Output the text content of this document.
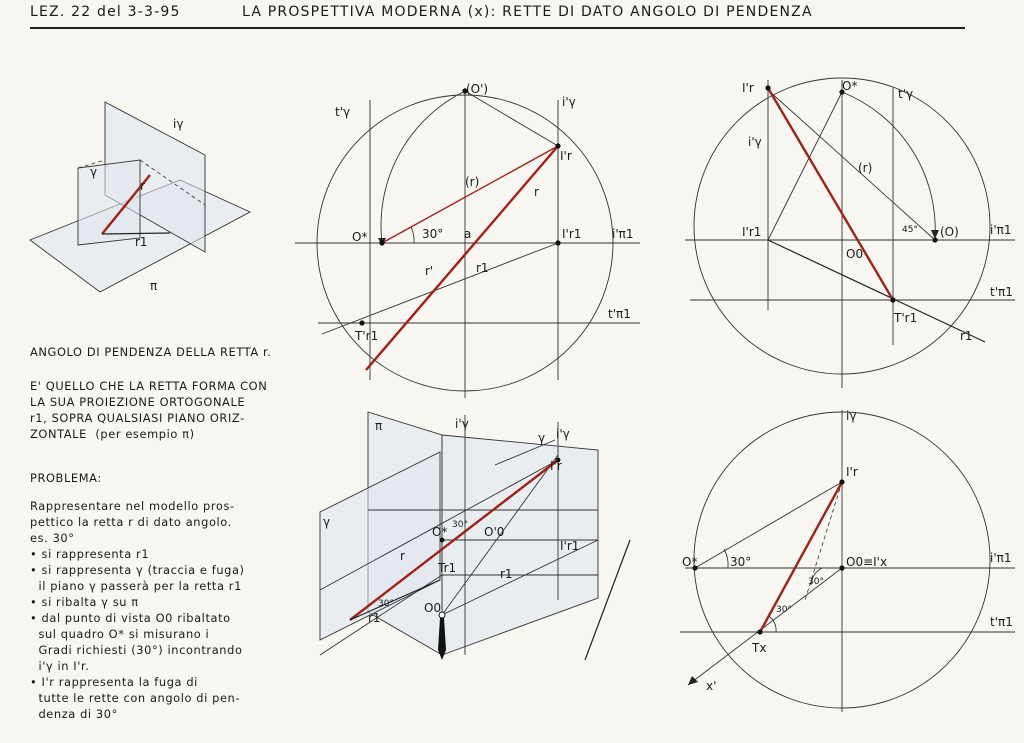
LEZ. 22 del 3-3-95	LA PROSPETTIVA MODERNA (x): RETTE DI DATO ANGOLO DI PENDENZA
ANGOLO DI PENDENZA DELLA RETTA r.
E' QUELLO CHE LA RETTA FORMA CON
LA SUA PROIEZIONE ORTOGONALE
r1, SOPRA QUALSIASI PIANO ORIZ-
ZONTALE  (per esempio π)
PROBLEMA:
Rappresentare nel modello pros-
pettico la retta r di dato angolo.
es. 30°
• si rappresenta r1
• si rappresenta γ (traccia e fuga)
il piano γ passerà per la retta r1
• si ribalta γ su π
• dal punto di vista O0 ribaltato
sul quadro O* si misurano i
Gradi richiesti (30°) incontrando
i'γ in I'r.
• I'r rappresenta la fuga di
tutte le rette con angolo di pen-
denza di 30°
iγ
γ
r
r1
π
t'γ
(O')
i'γ
I'r
(r)
r
O*	30° a	I'r1	i'π1
r'	r1
T'r1
t'π1
I'r	O*
t'γ
i'γ
(r)
I'r1	45° (O)	i'π1
O0
t'π1
T'r1
r1
π	i'γ
γ i'γ
I'r
γ	30°
O*	O'0
r
I'r1
Tr1	r1
O0
r1
30°
iγ
I'r
O*	30°	O0≡I'x	i'π1
t'π1
30°
30°
Tx
x'
